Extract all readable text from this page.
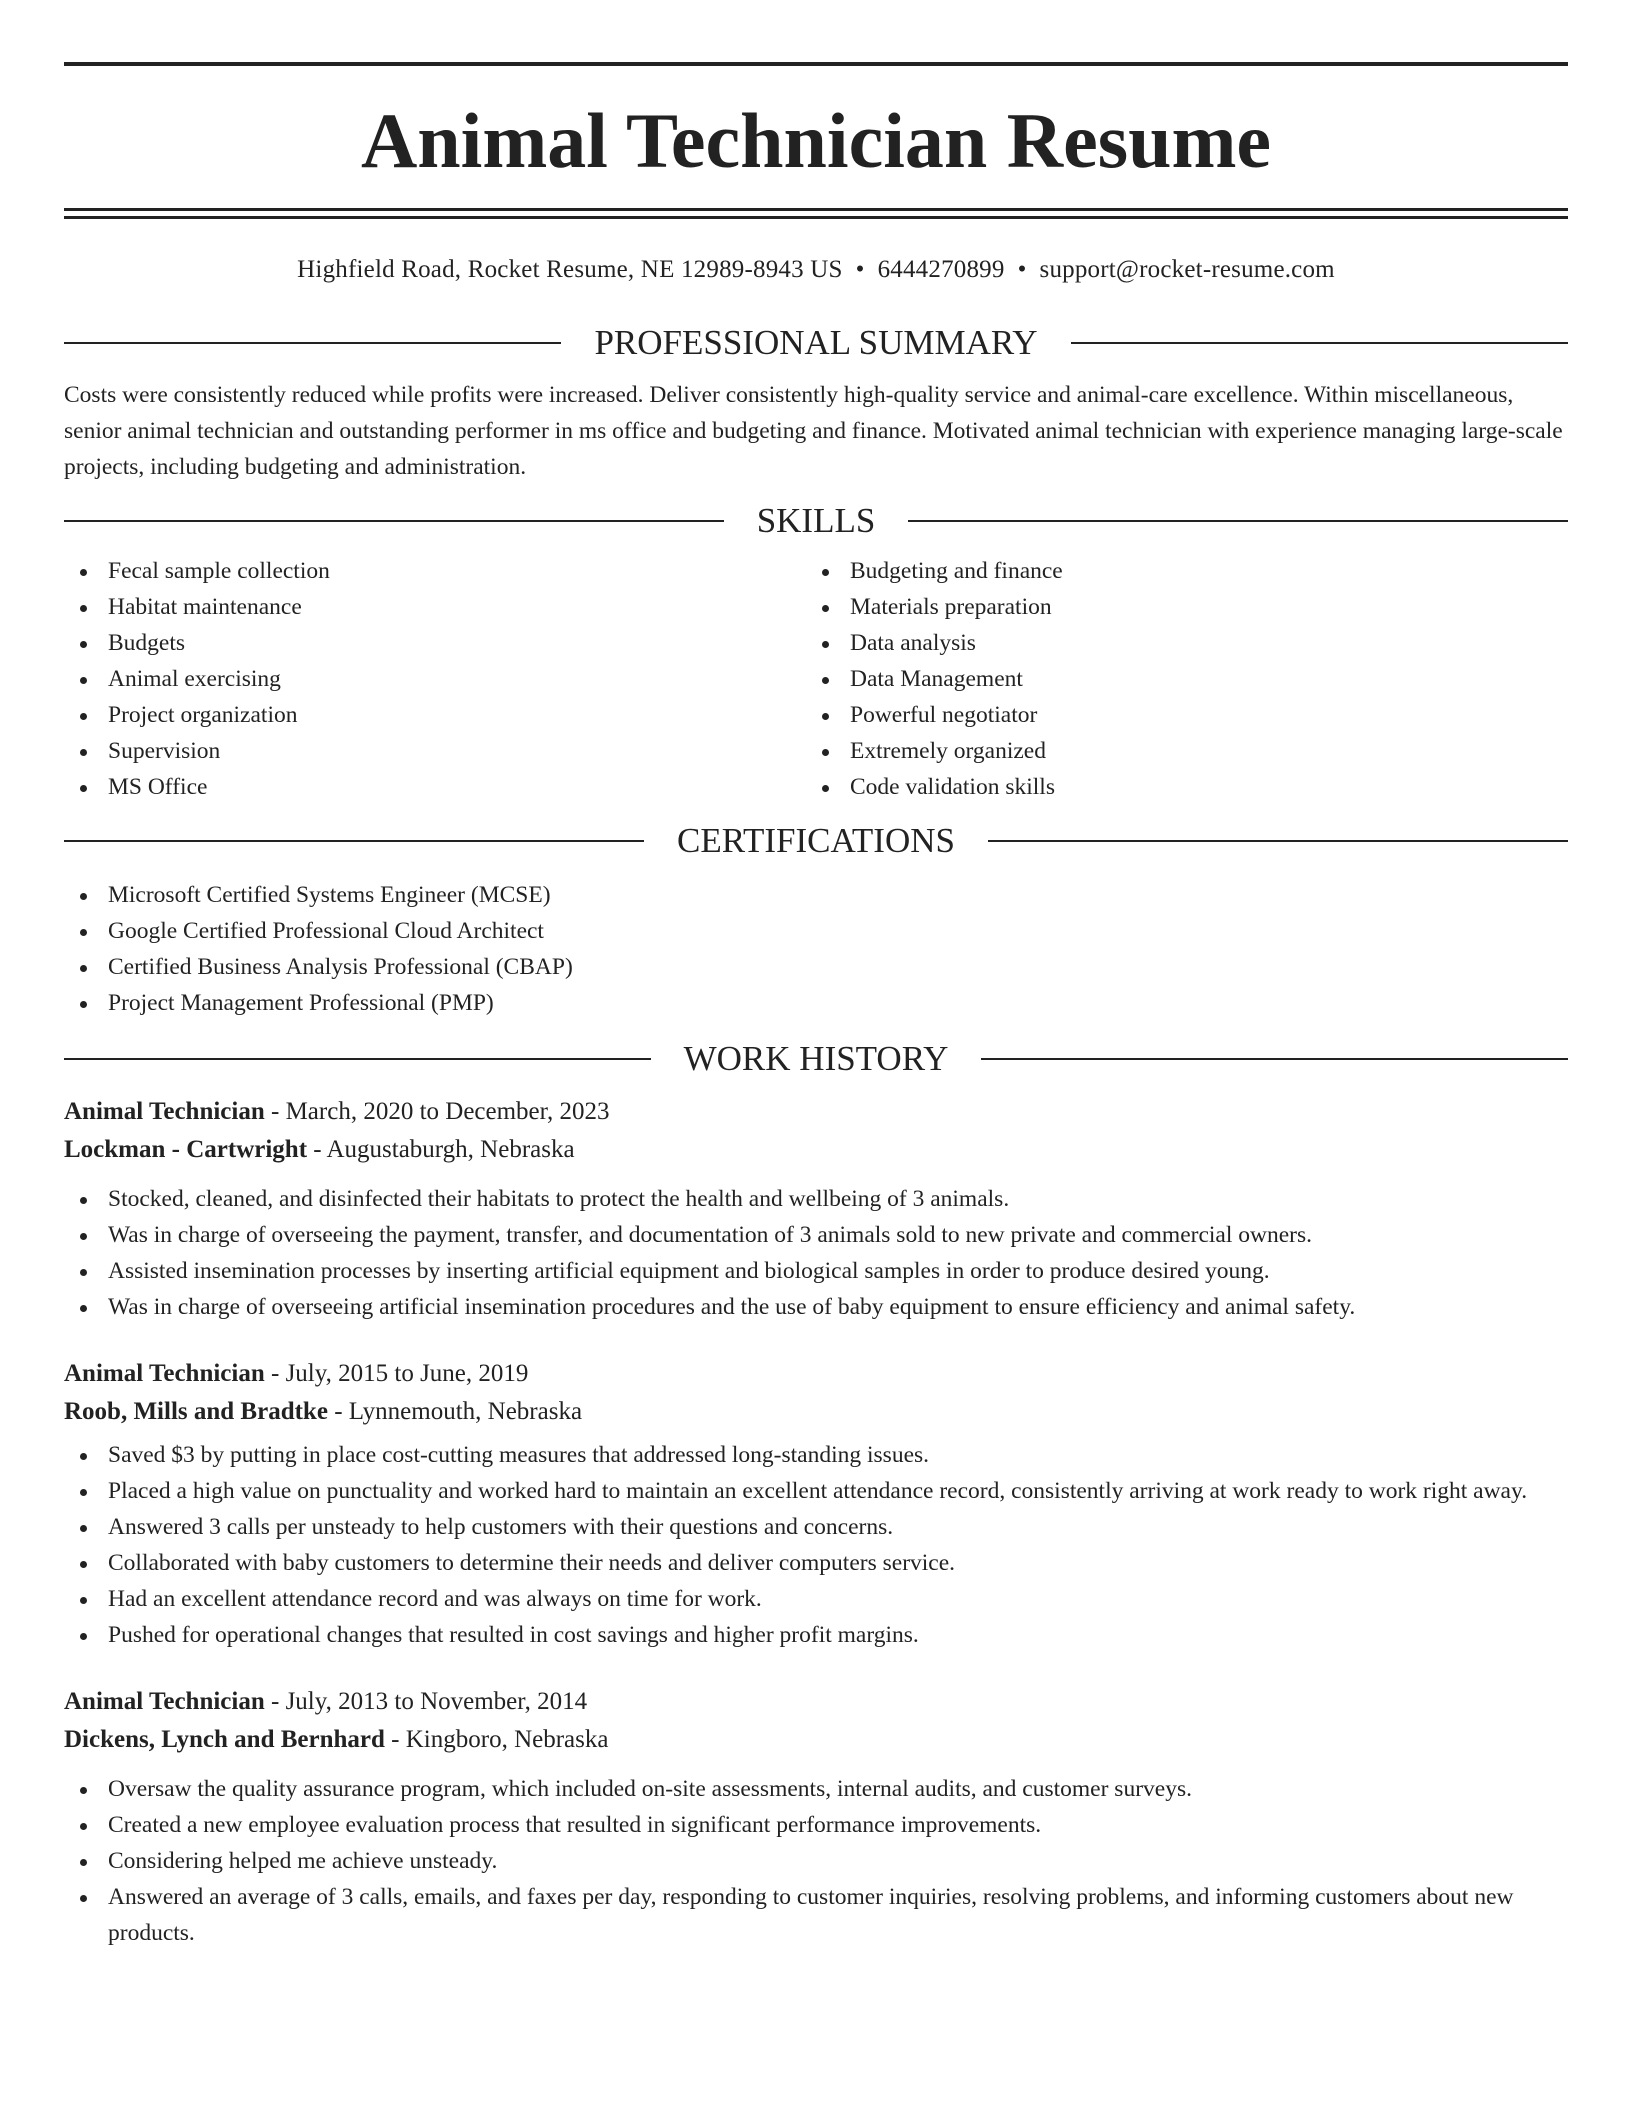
Animal Technician Resume
Highfield Road, Rocket Resume, NE 12989-8943 US • 6444270899 • support@rocket-resume.com
PROFESSIONAL SUMMARY

Costs were consistently reduced while profits were increased. Deliver consistently high-quality service and animal-care excellence. Within miscellaneous, senior animal technician and outstanding performer in ms office and budgeting and finance. Motivated animal technician with experience managing large-scale projects, including budgeting and administration.

SKILLS
Fecal sample collection
Habitat maintenance
Budgets
Animal exercising
Project organization
Supervision
MS Office
Budgeting and finance
Materials preparation
Data analysis
Data Management
Powerful negotiator
Extremely organized
Code validation skills
CERTIFICATIONS
Microsoft Certified Systems Engineer (MCSE)
Google Certified Professional Cloud Architect
Certified Business Analysis Professional (CBAP)
Project Management Professional (PMP)
WORK HISTORY
Animal Technician - March, 2020 to December, 2023
Lockman - Cartwright - Augustaburgh, Nebraska
Stocked, cleaned, and disinfected their habitats to protect the health and wellbeing of 3 animals.
Was in charge of overseeing the payment, transfer, and documentation of 3 animals sold to new private and commercial owners.
Assisted insemination processes by inserting artificial equipment and biological samples in order to produce desired young.
Was in charge of overseeing artificial insemination procedures and the use of baby equipment to ensure efficiency and animal safety.
Animal Technician - July, 2015 to June, 2019
Roob, Mills and Bradtke - Lynnemouth, Nebraska
Saved $3 by putting in place cost-cutting measures that addressed long-standing issues.
Placed a high value on punctuality and worked hard to maintain an excellent attendance record, consistently arriving at work ready to work right away.
Answered 3 calls per unsteady to help customers with their questions and concerns.
Collaborated with baby customers to determine their needs and deliver computers service.
Had an excellent attendance record and was always on time for work.
Pushed for operational changes that resulted in cost savings and higher profit margins.
Animal Technician - July, 2013 to November, 2014
Dickens, Lynch and Bernhard - Kingboro, Nebraska
Oversaw the quality assurance program, which included on-site assessments, internal audits, and customer surveys.
Created a new employee evaluation process that resulted in significant performance improvements.
Considering helped me achieve unsteady.
Answered an average of 3 calls, emails, and faxes per day, responding to customer inquiries, resolving problems, and informing customers about new products.
